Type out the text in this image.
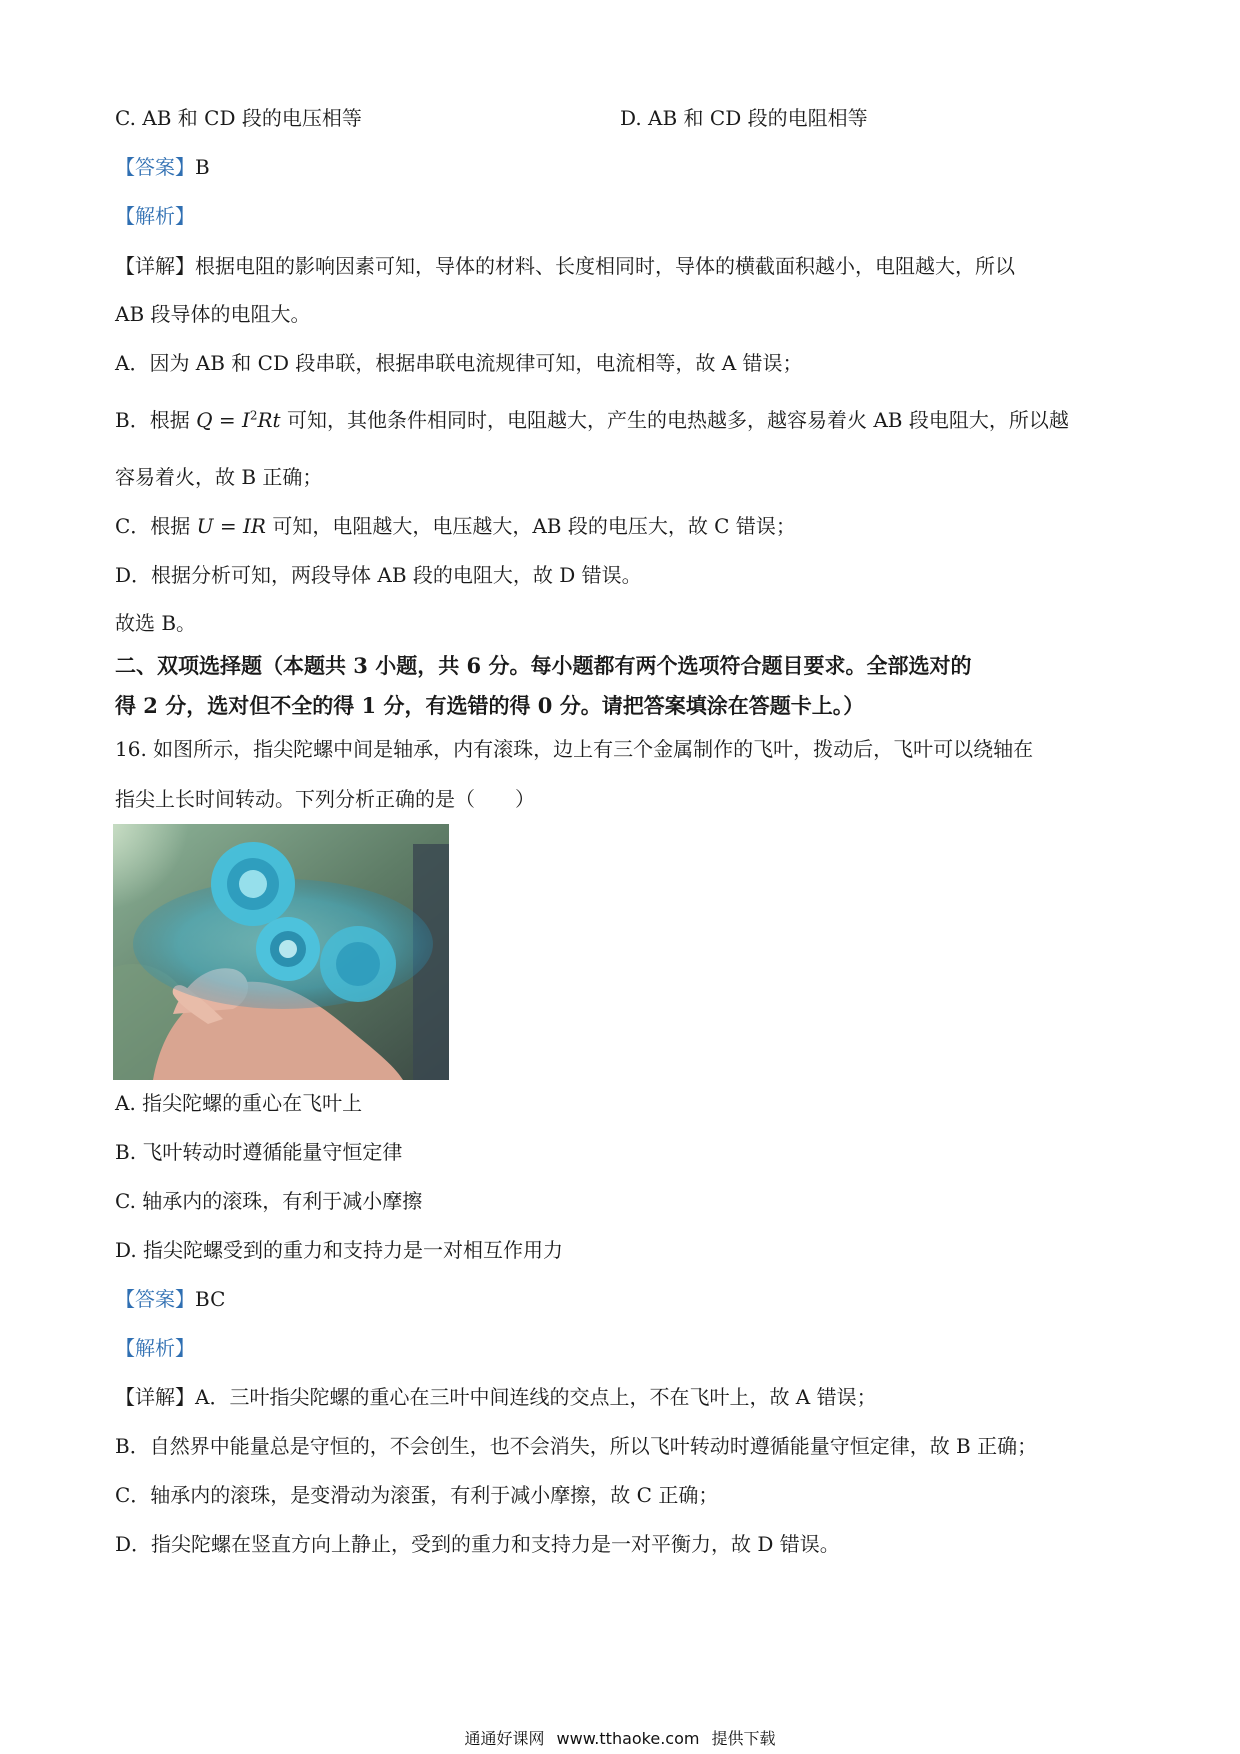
C. AB 和 CD 段的电压相等	D. AB 和 CD 段的电阻相等
【答案】B
【解析】
【详解】根据电阻的影响因素可知，导体的材料、长度相同时，导体的横截面积越小，电阻越大，所以
AB 段导体的电阻大。
A．因为 AB 和 CD 段串联，根据串联电流规律可知，电流相等，故 A 错误；
B．根据 $Q = I^2Rt$ 可知，其他条件相同时，电阻越大，产生的电热越多，越容易着火 AB 段电阻大，所以越
容易着火，故 B 正确；
C．根据 U = IR 可知，电阻越大，电压越大，AB 段的电压大，故 C 错误；
D．根据分析可知，两段导体 AB 段的电阻大，故 D 错误。
故选 B。
二、双项选择题（本题共 3 小题，共 6 分。每小题都有两个选项符合题目要求。全部选对的
得 2 分，选对但不全的得 1 分，有选错的得 0 分。请把答案填涂在答题卡上。）
16. 如图所示，指尖陀螺中间是轴承，内有滚珠，边上有三个金属制作的飞叶，拨动后，飞叶可以绕轴在
指尖上长时间转动。下列分析正确的是（　　）
A. 指尖陀螺的重心在飞叶上
B. 飞叶转动时遵循能量守恒定律
C. 轴承内的滚珠，有利于减小摩擦
D. 指尖陀螺受到的重力和支持力是一对相互作用力
【答案】BC
【解析】
【详解】A．三叶指尖陀螺的重心在三叶中间连线的交点上，不在飞叶上，故 A 错误；
B．自然界中能量总是守恒的，不会创生，也不会消失，所以飞叶转动时遵循能量守恒定律，故 B 正确；
C．轴承内的滚珠，是变滑动为滚蛋，有利于减小摩擦，故 C 正确；
D．指尖陀螺在竖直方向上静止，受到的重力和支持力是一对平衡力，故 D 错误。
通通好课网 www.tthaoke.com 提供下载
